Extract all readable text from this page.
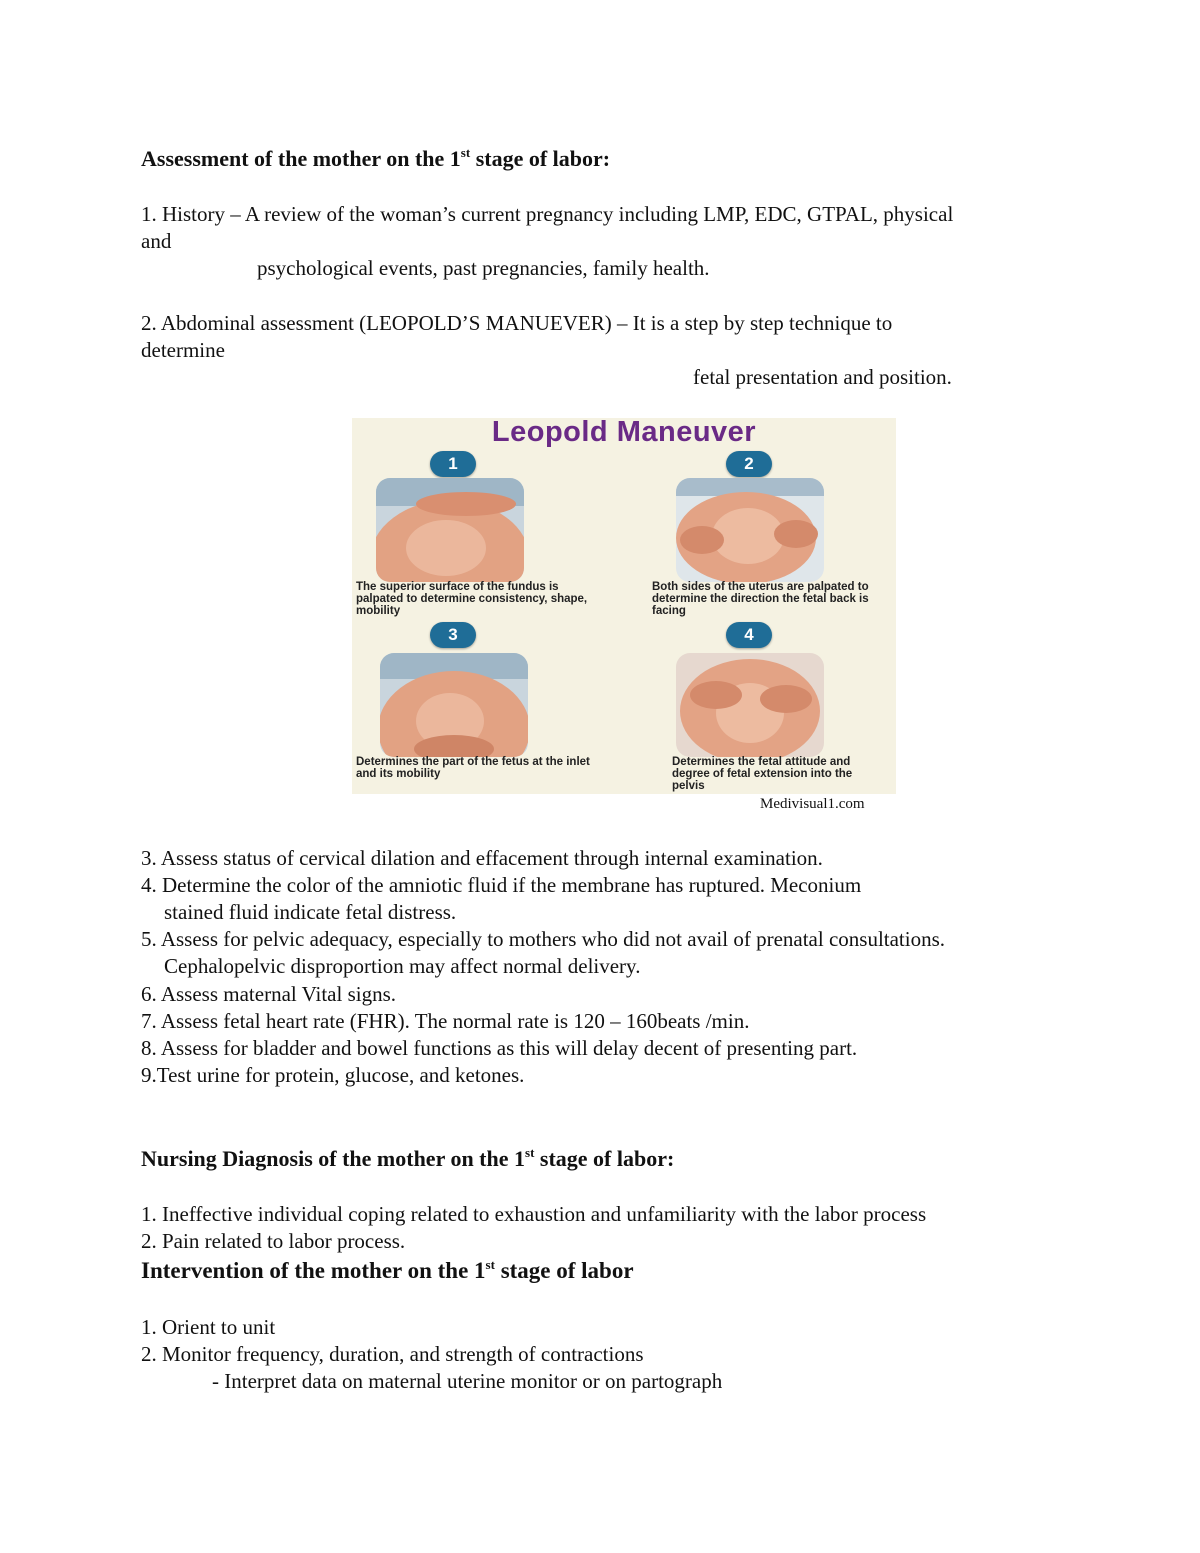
Assessment of the mother on the 1st stage of labor:
1. History – A review of the woman’s current pregnancy including LMP, EDC, GTPAL, physical
and
psychological events, past pregnancies, family health.
2. Abdominal assessment (LEOPOLD’S MANUEVER) – It is a step by step technique to
determine
fetal presentation and position.
Leopold Maneuver
1	2
3	4
The superior surface of the fundus is palpated to determine consistency, shape, mobility
Both sides of the uterus are palpated to determine the direction the fetal back is facing
Determines the part of the fetus at the inlet and its mobility
Determines the fetal attitude and degree of fetal extension into the pelvis
Medivisual1.com
3. Assess status of cervical dilation and effacement through internal examination.
4. Determine the color of the amniotic fluid if the membrane has ruptured. Meconium
stained fluid indicate fetal distress.
5. Assess for pelvic adequacy, especially to mothers who did not avail of prenatal consultations.
Cephalopelvic disproportion may affect normal delivery.
6. Assess maternal Vital signs.
7. Assess fetal heart rate (FHR). The normal rate is 120 – 160beats /min.
8. Assess for bladder and bowel functions as this will delay decent of presenting part.
9.Test urine for protein, glucose, and ketones.
Nursing Diagnosis of the mother on the 1st stage of labor:
1. Ineffective individual coping related to exhaustion and unfamiliarity with the labor process
2. Pain related to labor process.
Intervention of the mother on the 1st stage of labor
1. Orient to unit
2. Monitor frequency, duration, and strength of contractions
- Interpret data on maternal uterine monitor or on partograph
